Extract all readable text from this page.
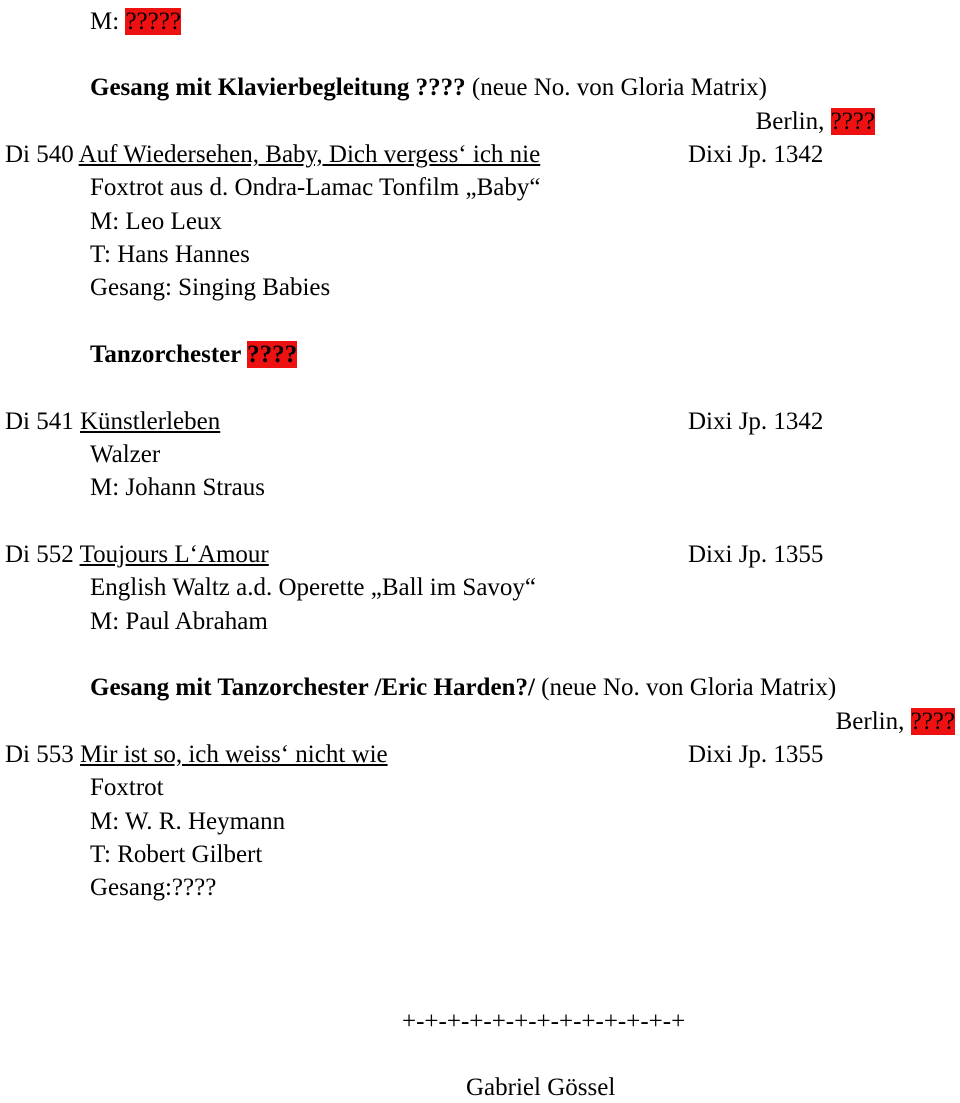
M: ?????
Gesang mit Klavierbegleitung ???? (neue No. von Gloria Matrix)
Berlin, ????
Di 540 Auf Wiedersehen, Baby, Dich vergess‘ ich nie	Dixi Jp. 1342
Foxtrot aus d. Ondra-Lamac Tonfilm „Baby“
M: Leo Leux
T: Hans Hannes
Gesang: Singing Babies
Tanzorchester ????
Di 541 Künstlerleben	Dixi Jp. 1342
Walzer
M: Johann Straus
Di 552 Toujours L‘Amour	Dixi Jp. 1355
English Waltz a.d. Operette „Ball im Savoy“
M: Paul Abraham
Gesang mit Tanzorchester /Eric Harden?/ (neue No. von Gloria Matrix)
Berlin, ????
Di 553 Mir ist so, ich weiss‘ nicht wie	Dixi Jp. 1355
Foxtrot
M: W. R. Heymann
T: Robert Gilbert
Gesang:????
+-+-+-+-+-+-+-+-+-+-+-+-+
Gabriel Gössel
